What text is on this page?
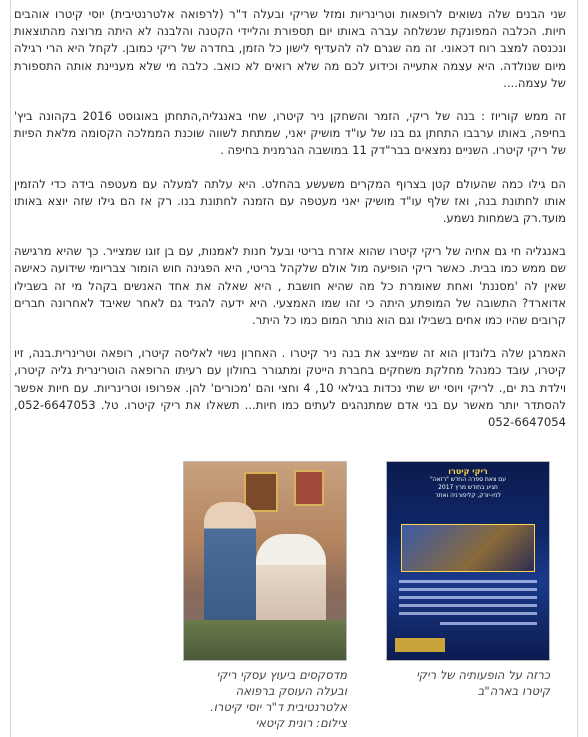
שני הבנים שלה נשואים לרופאות וטרינריות ומזל שריקי ובעלה ד"ר (לרפואה אלטרנטיבית) יוסי קיטרו אוהבים חיות. הכלבה המפונקת שנשלחה עברה באותו יום תספורת והליידי הקטנה והלבנה לא היתה מרוצה מהתוצאות ונכנסה למצב רוח דכאוני. זה מה שגרם לה להעדיף לישון כל הזמן, בחדרה של ריקי כמובן. לקחל היא הרי רגילה מיום שנולדה. היא עצמה אתעייה וכידוע לכם מה שלא רואים לא כואב. כלבה מי שלא מעניינת אותה התספורת של עצמה....

זה ממש קוריוז : בנה של ריקי, הזמר והשחקן ניר קיטרו, שחי באנגליה,התחתן באוגוסט 2016 בקהונה ביץ' בחיפה, באותו ערבבו התחתן גם בנו של עו"ד מושיק יאני, שמתחת לשווה שוכנת הממלכה הקסומה מלאת הפיות של ריקי קיטרו. השניים נמצאים בבר"דק 11 במושבה הגרמנית בחיפה .

הם גילו כמה שהעולם קטן בצרוף המקרים משעשע בהחלט. היא עלתה למעלה עם מעטפה בידה כדי להזמין אותו לחתונת בנה, ואז שלף עו"ד מושיק יאני מעטפה עם הזמנה לחתונת בנו. רק אז הם גילו שזה יוצא באותו מועד.רק בשמחות נשמע.

באנגליה חי גם אחיה של ריקי קיטרו שהוא אזרח בריטי ובעל חנות לאמנות, עם בן זוגו שמצייר. כך שהיא מרגישה שם ממש כמו בבית. כאשר ריקי הופיעה מול אולם שלקהל בריטי, היא הפגינה חוש הומור צבריומי שידועה כאישה שאין לה 'מסננת' ואחת שאומרת כל מה שהיא חושבת , היא שאלה את אחד האנשים בקהל מי זה בשבילו אדוארד? התשובה של המופתע היתה כי זהו שמו האמצעי. היא ידעה להגיד גם לאחר שאיבד לאחרונה חברים קרובים שהיו כמו אחים בשבילו וגם הוא נותר המום כמו כל היתר.

האמרגן שלה בלונדון הוא זה שמייצג את בנה ניר קיטרו . האחרון נשוי לאליסה קיטרו, רופאה וטרינרית.בנה, זיו קיטרו, עובד כמנהל מחלקת משחקים בחברת הייטק ומתגורר בחולון עם רעיתו הרופאה הוטרינרית גליה קיטרו, וילדת בת ים,. לריקי ויוסי יש שתי נכדות בגילאי 10, 4 וחצי והם 'מכורים' להן. אפרופו וטרינריות. עם חיות אפשר להסתדר יותר מאשר עם בני אדם שמתנהגים לעתים כמו חיות... תשאלו את ריקי קיטרו. טל. 052-6647053, 052-6647054

מדסקסים ביעוץ עסקי ריקי ובעלה העוסק ברפואה אלטרנטיבית ד"ר יוסי קיטרו. צילום: רונית קיטאי
ריקי קיטרו
עם צאת ספרה החדש "רזאה"
תגיע בחודש מרץ 2017
לניו-יורק, קליפורניה ואתר
כרזה על הופעותיה של ריקי קיטרו בארה"ב
